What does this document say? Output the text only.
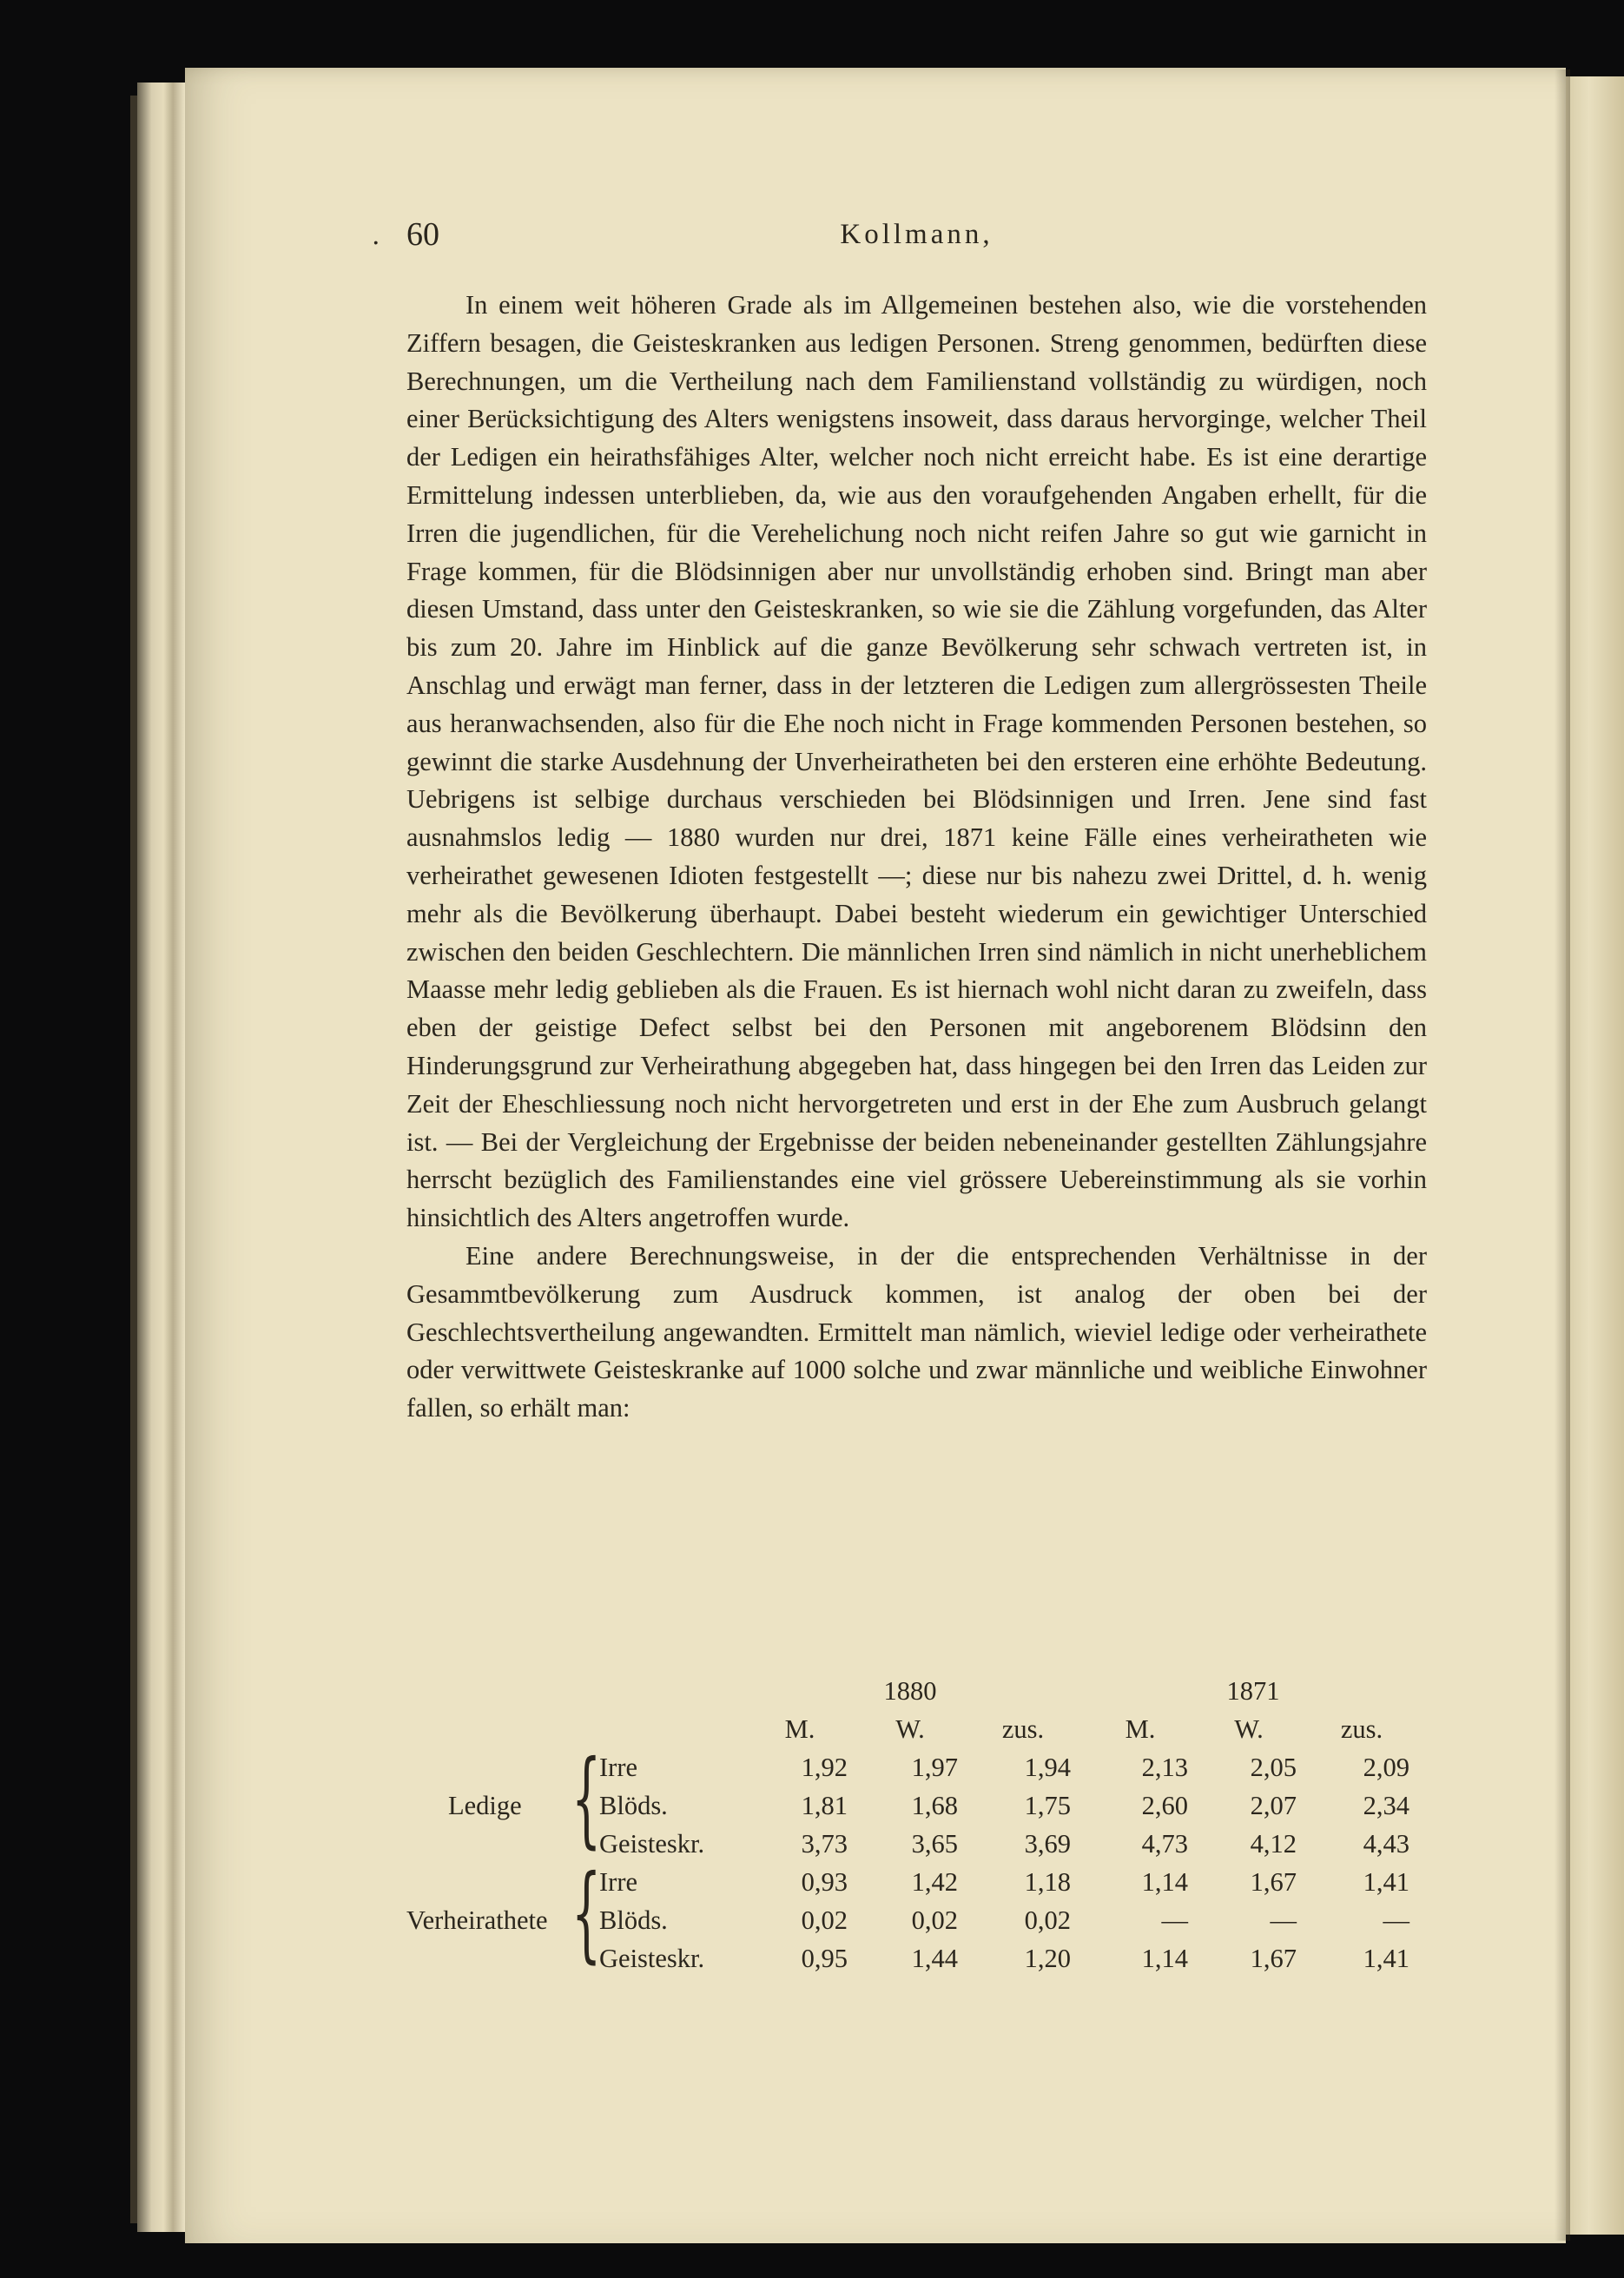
. 60	Kollmann,

In einem weit höheren Grade als im Allgemeinen bestehen also, wie die vorstehenden Ziffern besagen, die Geisteskranken aus ledigen Personen. Streng genommen, bedürften diese Berechnungen, um die Vertheilung nach dem Familienstand vollständig zu würdigen, noch einer Berücksichtigung des Alters wenigstens insoweit, dass daraus hervorginge, welcher Theil der Ledigen ein heirathsfähiges Alter, welcher noch nicht erreicht habe. Es ist eine derartige Ermittelung indessen unterblieben, da, wie aus den voraufgehenden Angaben erhellt, für die Irren die jugendlichen, für die Verehelichung noch nicht reifen Jahre so gut wie garnicht in Frage kommen, für die Blödsinnigen aber nur unvollständig erhoben sind. Bringt man aber diesen Umstand, dass unter den Geisteskranken, so wie sie die Zählung vorgefunden, das Alter bis zum 20. Jahre im Hinblick auf die ganze Bevölkerung sehr schwach vertreten ist, in Anschlag und erwägt man ferner, dass in der letzteren die Ledigen zum allergrössesten Theile aus heranwachsenden, also für die Ehe noch nicht in Frage kommenden Personen bestehen, so gewinnt die starke Ausdehnung der Unverheiratheten bei den ersteren eine erhöhte Bedeutung. Uebrigens ist selbige durchaus verschieden bei Blödsinnigen und Irren. Jene sind fast ausnahmslos ledig — 1880 wurden nur drei, 1871 keine Fälle eines verheiratheten wie verheirathet gewesenen Idioten festgestellt —; diese nur bis nahezu zwei Drittel, d. h. wenig mehr als die Bevölkerung überhaupt. Dabei besteht wiederum ein gewichtiger Unterschied zwischen den beiden Geschlechtern. Die männlichen Irren sind nämlich in nicht unerheblichem Maasse mehr ledig geblieben als die Frauen. Es ist hiernach wohl nicht daran zu zweifeln, dass eben der geistige Defect selbst bei den Personen mit angeborenem Blödsinn den Hinderungsgrund zur Verheirathung abgegeben hat, dass hingegen bei den Irren das Leiden zur Zeit der Eheschliessung noch nicht hervorgetreten und erst in der Ehe zum Ausbruch gelangt ist. — Bei der Vergleichung der Ergebnisse der beiden nebeneinander gestellten Zählungsjahre herrscht bezüglich des Familienstandes eine viel grössere Uebereinstimmung als sie vorhin hinsichtlich des Alters angetroffen wurde.

Eine andere Berechnungsweise, in der die entsprechenden Verhältnisse in der Gesammtbevölkerung zum Ausdruck kommen, ist analog der oben bei der Geschlechtsvertheilung angewandten. Ermittelt man nämlich, wieviel ledige oder verheirathete oder verwittwete Geisteskranke auf 1000 solche und zwar männliche und weibliche Einwohner fallen, so erhält man:

1880	1871
M.	W.	zus.	M.	W.	zus.
Ledige {
Irre	1,92	1,97	1,94	2,13	2,05	2,09
Blöds.	1,81	1,68	1,75	2,60	2,07	2,34
Geisteskr.	3,73	3,65	3,69	4,73	4,12	4,43
Verheirathete {
Irre	0,93	1,42	1,18	1,14	1,67	1,41
Blöds.	0,02	0,02	0,02	—	—	—
Geisteskr.	0,95	1,44	1,20	1,14	1,67	1,41
